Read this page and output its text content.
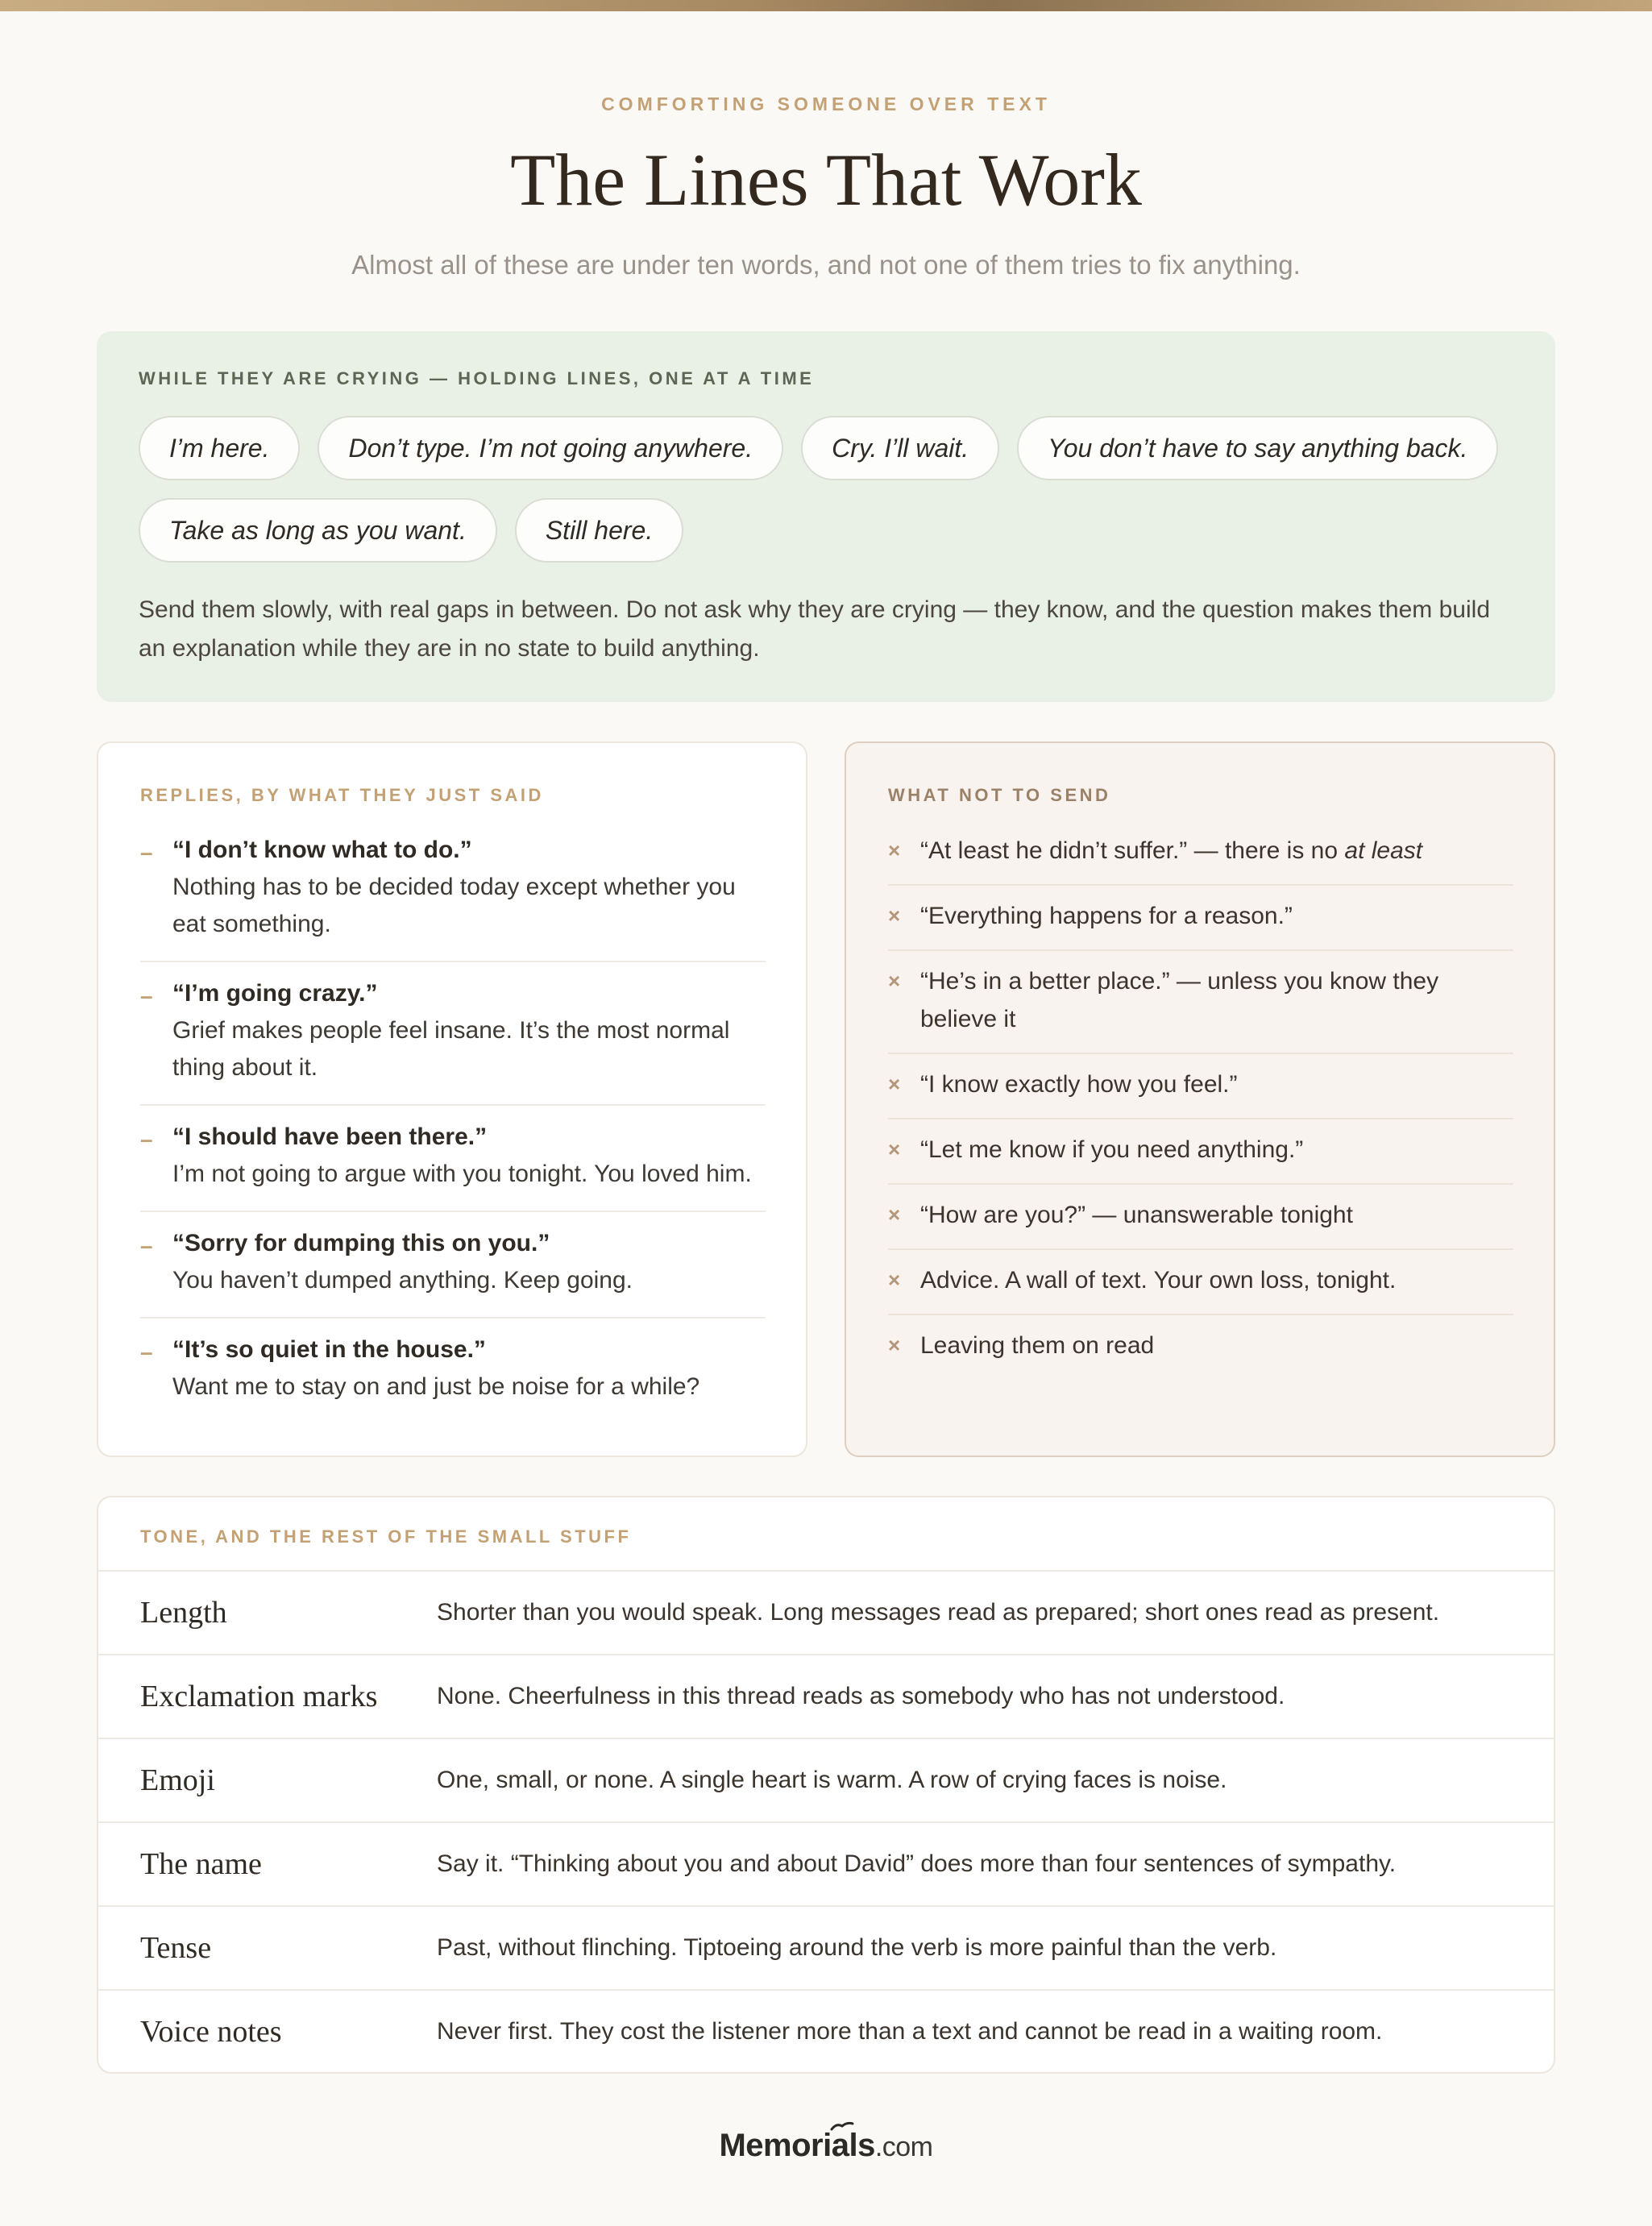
COMFORTING SOMEONE OVER TEXT
The Lines That Work
Almost all of these are under ten words, and not one of them tries to fix anything.
WHILE THEY ARE CRYING — HOLDING LINES, ONE AT A TIME
I’m here.	Don’t type. I’m not going anywhere.	Cry. I’ll wait.	You don’t have to say anything back.
Take as long as you want.	Still here.
Send them slowly, with real gaps in between. Do not ask why they are crying — they know, and the question makes them build an explanation while they are in no state to build anything.
REPLIES, BY WHAT THEY JUST SAID
– “I don’t know what to do.”
Nothing has to be decided today except whether you eat something.
– “I’m going crazy.”
Grief makes people feel insane. It’s the most normal thing about it.
– “I should have been there.”
I’m not going to argue with you tonight. You loved him.
– “Sorry for dumping this on you.”
You haven’t dumped anything. Keep going.
– “It’s so quiet in the house.”
Want me to stay on and just be noise for a while?
WHAT NOT TO SEND
× “At least he didn’t suffer.” — there is no at least
× “Everything happens for a reason.”
× “He’s in a better place.” — unless you know they believe it
× “I know exactly how you feel.”
× “Let me know if you need anything.”
× “How are you?” — unanswerable tonight
× Advice. A wall of text. Your own loss, tonight.
× Leaving them on read
TONE, AND THE REST OF THE SMALL STUFF
Length	Shorter than you would speak. Long messages read as prepared; short ones read as present.
Exclamation marks	None. Cheerfulness in this thread reads as somebody who has not understood.
Emoji	One, small, or none. A single heart is warm. A row of crying faces is noise.
The name	Say it. “Thinking about you and about David” does more than four sentences of sympathy.
Tense	Past, without flinching. Tiptoeing around the verb is more painful than the verb.
Voice notes	Never first. They cost the listener more than a text and cannot be read in a waiting room.
Memorials.com
